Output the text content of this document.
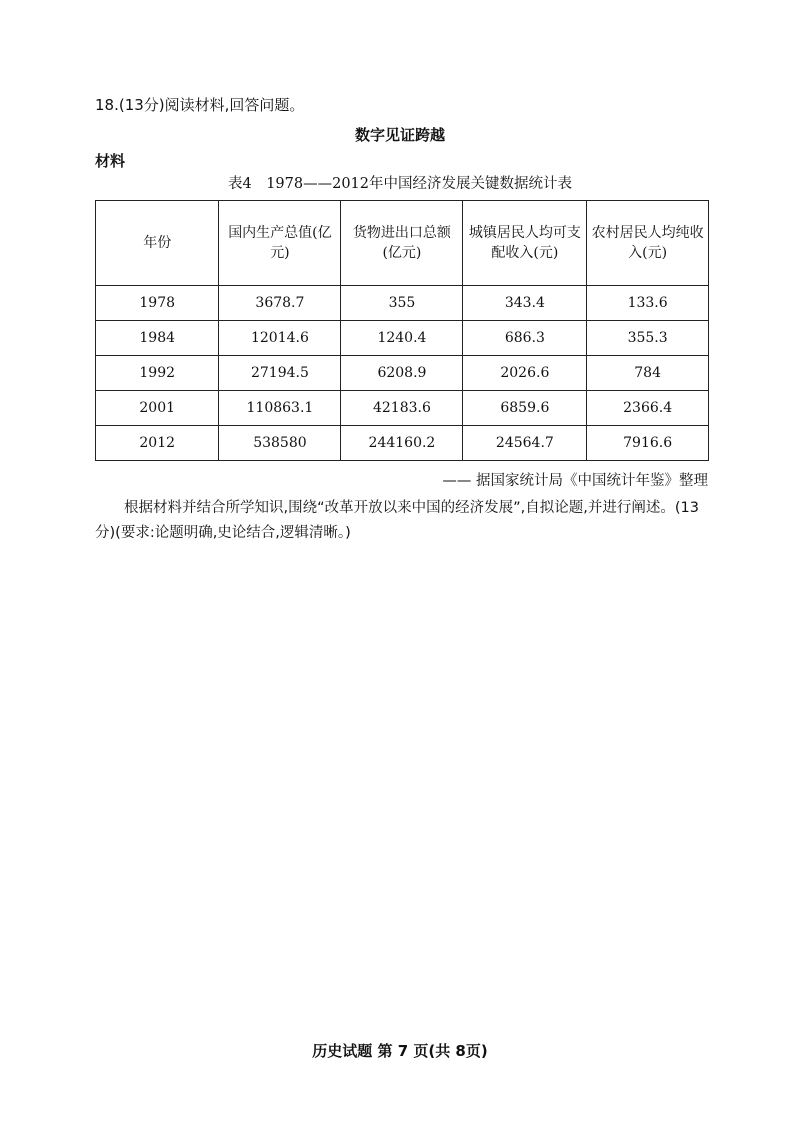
18.(13分)阅读材料,回答问题。
数字见证跨越
材料
表4　1978——2012年中国经济发展关键数据统计表
年份	国内生产总值(亿元)	货物进出口总额(亿元)	城镇居民人均可支配收入(元)	农村居民人均纯收入(元)
1978	3678.7	355	343.4	133.6
1984	12014.6	1240.4	686.3	355.3
1992	27194.5	6208.9	2026.6	784
2001	110863.1	42183.6	6859.6	2366.4
2012	538580	244160.2	24564.7	7916.6
—— 据国家统计局《中国统计年鉴》整理
根据材料并结合所学知识,围绕“改革开放以来中国的经济发展”,自拟论题,并进行阐述。(13分)(要求:论题明确,史论结合,逻辑清晰。)
历史试题 第 7 页(共 8页)
